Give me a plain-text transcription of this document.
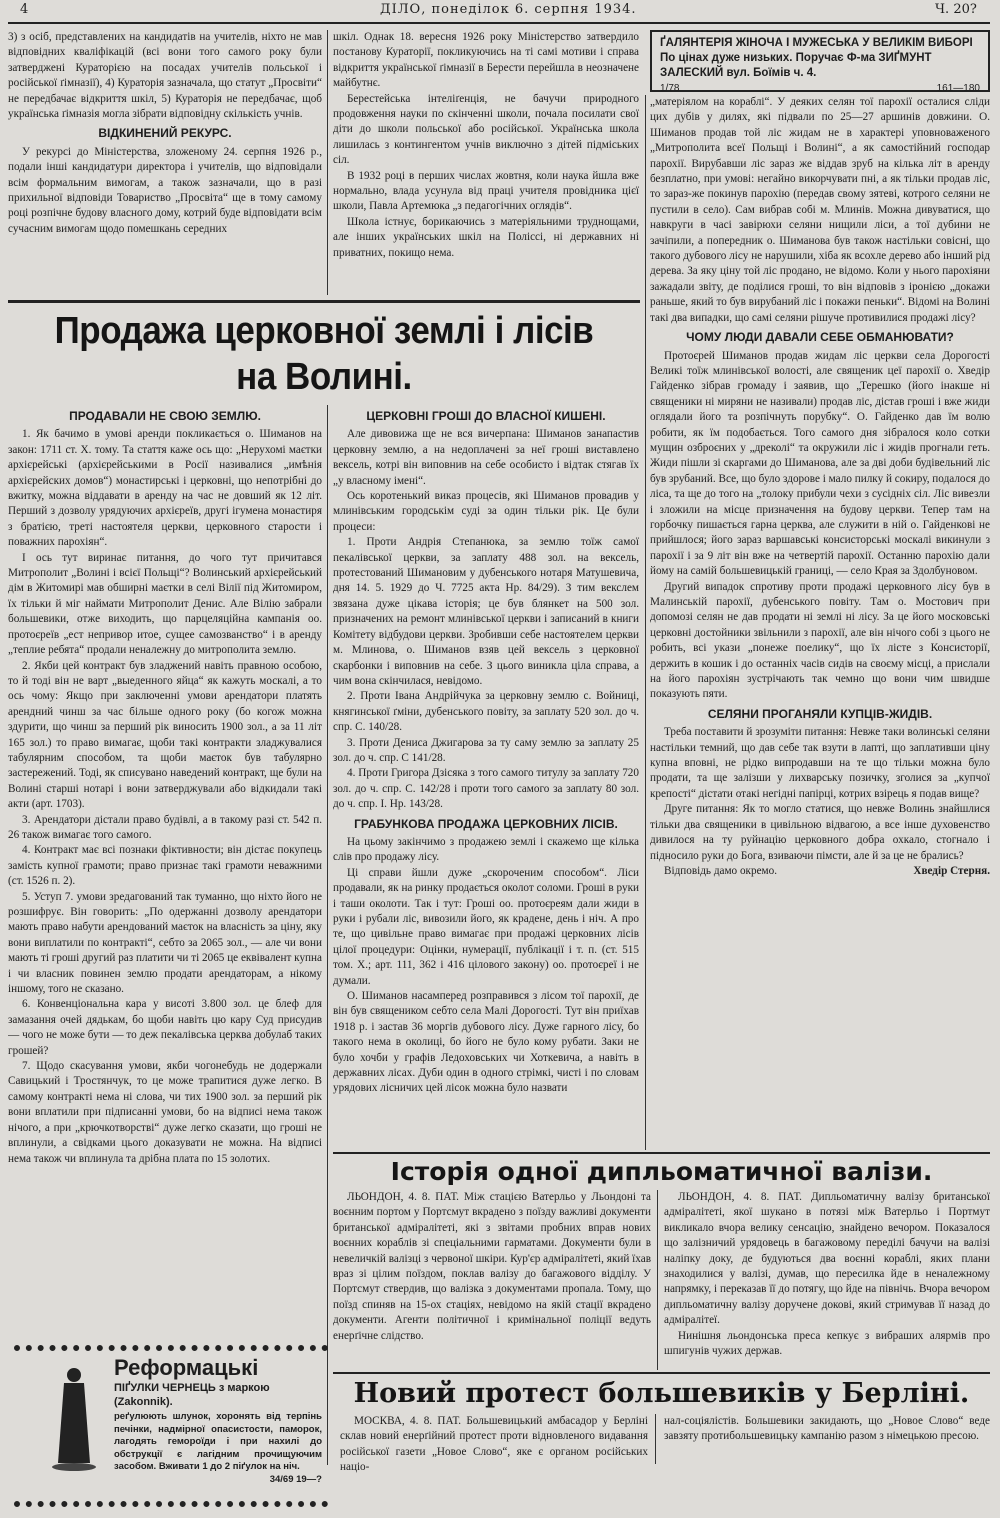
4	ДІЛО, понеділок 6. серпня 1934.	Ч. 20?

3) з осіб, представлених на кандидатів на учителів, ніхто не мав відповідних кваліфікацій (всі вони того самого року були затверджені Кураторією на посадах учителів польської і російської ґімназії), 4) Кураторія зазначала, що статут „Просвіти“ не передбачає відкриття шкіл, 5) Кураторія не передбачає, щоб українська ґімназія могла зібрати відповідну скількість учнів.

ВІДКИНЕНИЙ РЕКУРС.

У рекурсі до Міністерства, зложеному 24. серпня 1926 р., подали інші кандидатури директора і учителів, що відповідали всім формальним вимогам, а також зазначали, що в разі прихильної відповіди Товариство „Просвіта“ ще в тому самому році розпічне будову власного дому, котрий буде відповідати всім сучасним вимогам щодо помешкань середних

шкіл. Однак 18. вересня 1926 року Міністерство затвердило постанову Кураторії, покликуючись на ті самі мотиви і справа відкриття української ґімназії в Берести перейшла в неозначене майбутнє.

Берестейська інтеліґенція, не бачучи природного продовження науки по скінченні школи, почала посилати свої діти до школи польської або російської. Українська школа лишилась з контингентом учнів виключно з дітей підміських сіл.

В 1932 році в перших числах жовтня, коли наука йшла вже нормально, влада усунула від праці учителя провідника цієї школи, Павла Артемюка „з педагогічних оглядів“.

Школа істнує, борикаючись з матеріяльними труднощами, але інших українських шкіл на Поліссі, ні державних ні приватних, покищо нема.

ҐАЛЯНТЕРІЯ ЖІНОЧА І МУЖЕСЬКА У ВЕЛИКІМ ВИБОРІ По цінах дуже низьких. Поручає Ф-ма ЗИҐМУНТ ЗАЛЕСКИЙ вул. Боїмів ч. 4.
1/78	161—180
Продажа церковної землі і лісів
на Волині.
ПРОДАВАЛИ НЕ СВОЮ ЗЕМЛЮ.

1. Як бачимо в умові аренди покликається о. Шиманов на закон: 1711 ст. Х. тому. Та стаття каже ось що: „Нерухомі маєтки архієрейські (архієрейськими в Росії називалися „имѣнія архієрейских домов“) монастирські і церковні, що непотрібні до вжитку, можна віддавати в аренду на час не довший як 12 літ. Перший з дозволу урядуючих архієреїв, другі ігумена монастиря з братією, треті настоятеля церкви, церковного старости і поважних парохіян“.

І ось тут виринає питання, до чого тут причитався Митрополит „Волині і всієї Польщі“? Волинський архієрейський дім в Житомирі мав обширні маєтки в селі Вілії під Житомиром, їх тільки й міг наймати Митрополит Денис. Але Вілію забрали большевики, отже виходить, що парцеляційна кампанія оо. протоєреїв „ест непривор итое, сущее самозванство“ і в аренду „теплие ребята“ продали неналежну до митрополита землю.

2. Якби цей контракт був зладжений навіть правною особою, то й тоді він не варт „выеденного яйца“ як кажуть москалі, а то ось чому: Якщо при заключенні умови арендатори платять арендний чинш за час більше одного року (бо когож можна здурити, що чинш за перший рік виносить 1900 зол., а за 11 літ 165 зол.) то право вимагає, щоби такі контракти зладжувалися табулярним способом, та щоби маєток був табулярно застережений. Тоді, як списувано наведений контракт, ще були на Волині старші нотарі і вони затверджували або відкидали такі акти (арт. 1703).

3. Арендатори дістали право будівлі, а в такому разі ст. 542 п. 26 також вимагає того самого.

4. Контракт має всі познаки фіктивности; він дістає покупець замість купної грамоти; право признає такі грамоти неважними (ст. 1526 п. 2).

5. Уступ 7. умови зредагований так туманно, що ніхто його не розшифрує. Він говорить: „По одержанні дозволу арендатори мають право набути арендований маєток на власність за ціну, яку вони виплатили по контракті“, себто за 2065 зол., — але чи вони мають ті гроші другий раз платити чи ті 2065 це еквівалент купна і чи власник повинен землю продати арендаторам, а нікому іншому, того не сказано.

6. Конвенціональна кара у висоті 3.800 зол. це блеф для замазання очей дядькам, бо щоби навіть цю кару Суд присудив — чого не може бути — то деж пекалівська церква добулаб таких грошей?

7. Щодо скасування умови, якби чогонебудь не додержали Савицький і Тростянчук, то це може трапитися дуже легко. В самому контракті нема ні слова, чи тих 1900 зол. за перший рік вони вплатили при підписанні умови, бо на відписі нема також нічого, а при „крючкотворстві“ дуже легко сказати, що гроші не вплинули, а свідками цього доказувати не можна. На відписі нема також чи вплинула та дрібна плата по 15 золотих.

ЦЕРКОВНІ ГРОШІ ДО ВЛАСНОЇ КИШЕНІ.

Але дивовижа ще не вся вичерпана: Шиманов занапастив церковну землю, а на недоплачені за неї гроші виставлено вексель, котрі він виповнив на себе особисто і відтак стягав їх „у власному імені“.

Ось коротенький виказ процесів, які Шиманов провадив у млинівським городськім суді за один тільки рік. Це були процеси:

1. Проти Андрія Степанюка, за землю тоїж самої пекалівської церкви, за заплату 488 зол. на вексель, протестований Шимановим у дубенського нотаря Матушевича, дня 14. 5. 1929 до Ч. 7725 акта Нр. 84/29). З тим векслем звязана дуже цікава історія; це був блянкет на 500 зол. призначених на ремонт млинівської церкви і записаний в книги Комітету відбудови церкви. Зробивши себе настоятелем церкви м. Млинова, о. Шиманов взяв цей вексель з церковної скарбонки і виповнив на себе. З цього виникла ціла справа, а чим вона скінчилася, невідомо.

2. Проти Івана Андрійчука за церковну землю с. Войниці, княгинської ґміни, дубенського повіту, за заплату 520 зол. до ч. спр. С. 140/28.

3. Проти Дениса Джигарова за ту саму землю за заплату 25 зол. до ч. спр. С 141/28.

4. Проти Григора Дзісяка з того самого титулу за заплату 720 зол. до ч. спр. С. 142/28 і проти того самого за заплату 80 зол. до ч. спр. І. Нр. 143/28.

ГРАБУНКОВА ПРОДАЖА ЦЕРКОВНИХ ЛІСІВ.

На цьому закінчимо з продажею землі і скажемо ще кілька слів про продажу лісу.

Ці справи йшли дуже „скороченим способом“. Ліси продавали, як на ринку продається околот соломи. Гроші в руки і таши околоти. Так і тут: Гроші оо. протоєреям дали жиди в руки і рубали ліс, вивозили його, як крадене, день і ніч. А про те, що цивільне право вимагає при продажі церковних лісів цілої процедури: Оцінки, нумерації, публікації і т. п. (ст. 515 том. Х.; арт. 111, 362 і 416 цілового закону) оо. протоєреї і не думали.

О. Шиманов насамперед розправився з лісом тої парохії, де він був священиком себто села Малі Дорогості. Тут він приїхав 1918 р. і застав 36 моргів дубового лісу. Дуже гарного лісу, бо такого нема в околиці, бо його не було кому рубати. Заки не було хочби у графів Ледоховських чи Хоткевича, а навіть в державних лісах. Дуби один в одного стрімкі, чисті і по словам урядових лісничих цей лісок можна було назвати

„матеріялом на кораблі“. У деяких селян тої парохії осталися сліди цих дубів у дилях, які підвали по 25—27 аршинів довжини. О. Шиманов продав той ліс жидам не в характері уповноваженого „Митрополита всеї Польщі і Волині“, а як самостійний господар парохії. Вирубавши ліс зараз же віддав зруб на кілька літ в аренду безплатно, при умові: негайно викорчувати пні, а як тільки продав ліс, то зараз-же покинув парохію (передав свому зятеві, котрого селяни не пустили в село). Сам вибрав собі м. Млинів. Можна дивуватися, що навкруги в часі завірюхи селяни нищили ліси, а тої дубини не зачіпили, а попередник о. Шиманова був також настільки совісні, що такого дубового лісу не нарушили, хіба як всохле дерево або інший рід дерева. За яку ціну той ліс продано, не відомо. Коли у нього парохіяни зажадали звіту, де поділися гроші, то він відповів з іронією „докажи раньше, який то був вирубаний ліс і покажи пеньки“. Відомі на Волині такі два випадки, що самі селяни рішуче противилися продажі лісу?

ЧОМУ ЛЮДИ ДАВАЛИ СЕБЕ ОБМАНЮВАТИ?

Протоєрей Шиманов продав жидам ліс церкви села Дорогості Великі тоїж млинівської волості, але священик цеї парохії о. Хведір Гайденко зібрав громаду і заявив, що „Терешко (його інакше ні священики ні миряни не називали) продав ліс, дістав гроші і вже жиди оглядали його та розпічнуть порубку“. О. Гайденко дав їм волю робити, як їм подобається. Того самого дня зібралося коло сотки мущин озброєних у „дреколі“ та окружили ліс і жидів прогнали геть. Жиди пішли зі скаргами до Шиманова, але за дві доби будівельний ліс був зрубаний. Все, що було здорове і мало пилку й сокиру, подалося до ліса, та ще до того на „толоку прибули чехи з сусідніх сіл. Ліс вивезли і зложили на місце призначення на будову церкви. Тепер там на горбочку пишається гарна церква, але служити в ній о. Гайденкові не прийшлося; його зараз варшавські консисторські москалі викинули з парохії і за 9 літ він вже на четвертій парохії. Останню парохію дали йому на самій большевицькій границі, — село Края за Здолбуновом.

Другий випадок спротиву проти продажі церковного лісу був в Малинській парохії, дубенського повіту. Там о. Мостович при допомозі селян не дав продати ні землі ні лісу. За це його московські церковні достойники звільнили з парохії, але він нічого собі з цього не робить, всі укази „понеже поелику“, що їх лісте з Консисторії, держить в кошик і до останніх часів сидів на своєму місці, а прислали на його парохіян зустрічають так чемно що вони чим швидше показують пяти.

СЕЛЯНИ ПРОГАНЯЛИ КУПЦІВ-ЖИДІВ.

Треба поставити й зрозуміти питання: Невже таки волинські селяни настільки темний, що дав себе так взути в лапті, що заплативши ціну купна вповні, не рідко випродавши на те що тільки можна було продати, та ще залізши у лихварську позичку, зголися за „купчої крепості“ дістати отакі негідні папірці, котрих взірець я подав вище?

Друге питання: Як то могло статися, що невже Волинь знайшлися тільки два священики в цивільною відвагою, а все інше духовенство дивилося на ту руйнацію церковного добра охкало, стогнало і підносило руки до Бога, взиваючи пімсти, але й за це не брались?

Відповідь дамо окремо.	Хведір Стерня.

Історія одної дипльоматичної валізи.

ЛЬОНДОН, 4. 8. ПАТ. Між стацією Ватерльо у Льондоні та воєнним портом у Портсмут вкрадено з поїзду важливі документи британської адміралітеті, які з звітами пробних вправ нових воєнних кораблів зі спеціальними гарматами. Документи були в невеличкій валізці з червоної шкіри. Кур'єр адміралітеті, який їхав враз зі цілим поїздом, поклав валізу до багажового відділу. У Портсмут ствердив, що валізка з документами пропала. Тому, що поїзд спиняв на 15-ох стаціях, невідомо на якій стації вкрадено документи. Агенти політичної і кримінальної поліції ведуть енерґічне слідство.

ЛЬОНДОН, 4. 8. ПАТ. Дипльоматичну валізу британської адміралітеті, якої шукано в потязі між Ватерльо і Портмут викликало вчора велику сенсацію, знайдено вечором. Показалося що залізничий урядовець в багажовому переділі бачучи на валізі наліпку доку, де будуються два воєнні кораблі, яких плани знаходилися у валізі, думав, що пересилка йде в неналежному напрямку, і переказав її до потягу, що йде на північь. Вчора вечором дипльоматичну валізу доручене докові, який стримував її назад до адміралітеї.

Нинішня льондонська преса кепкує з вибраших алярмів про шпигунів чужих держав.

Новий протест большевиків у Берліні.

МОСКВА, 4. 8. ПАТ. Большевицький амбасадор у Берліні склав новий енерґійний протест проти відновленого видавання російської газети „Новое Слово“, яке є органом російських націо-

нал-соціялістів. Большевики закидають, що „Новое Слово“ веде завзяту протибольшевицьку кампанію разом з німецькою пресою.

Реформацькі
ПІҐУЛКИ ЧЕРНЕЦЬ з маркою (Zakonnik).
реґулюють шлунок, хоронять від терпінь печінки, надмірної опасистости, паморок, лагодять гемороїди і при нахилі до обструкції є лагідним прочищуючим засобом. Вживати 1 до 2 піґулок на ніч.
34/69 19—?
